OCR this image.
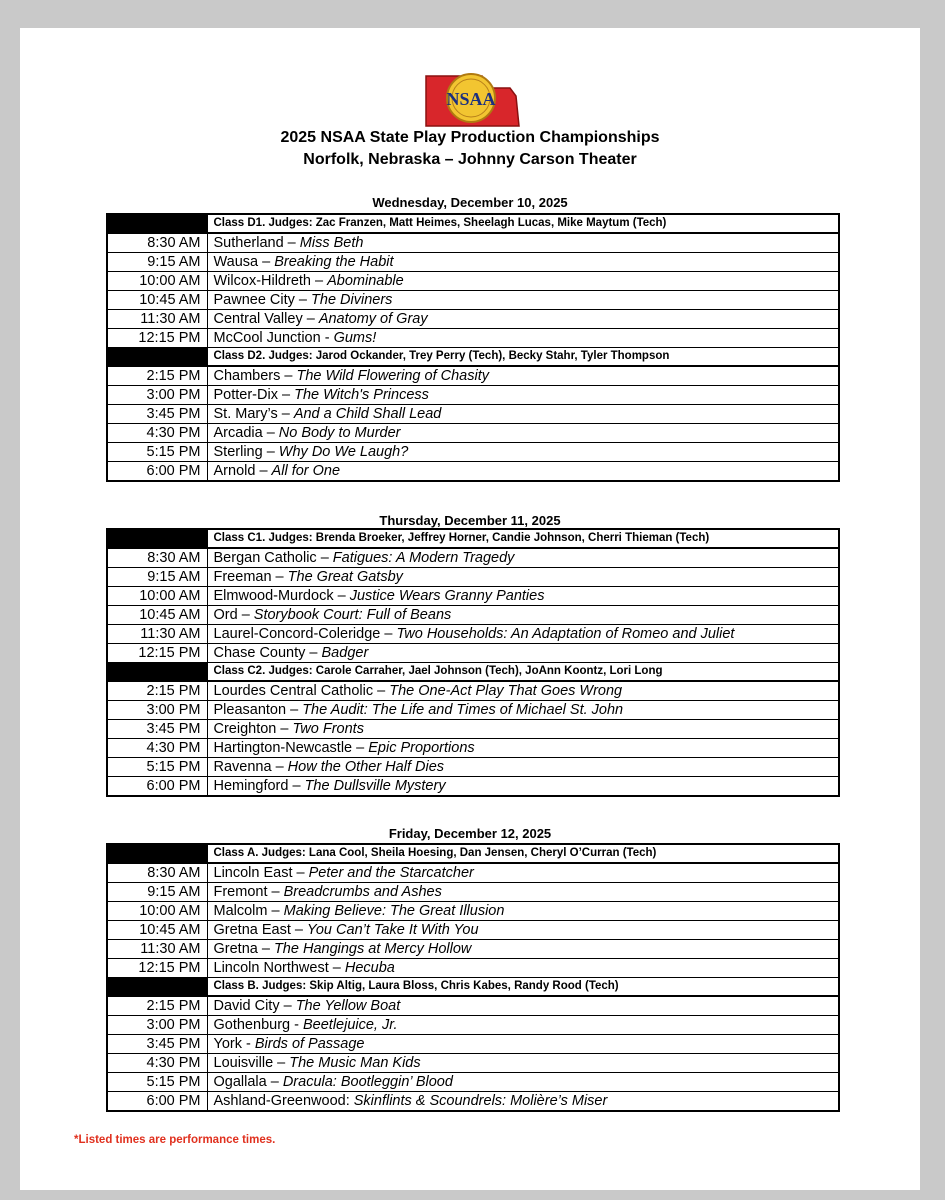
NSAA
2025 NSAA State Play Production Championships
Norfolk, Nebraska – Johnny Carson Theater
Wednesday, December 10, 2025
	Class D1. Judges: Zac Franzen, Matt Heimes, Sheelagh Lucas, Mike Maytum (Tech)
8:30 AM	Sutherland – Miss Beth
9:15 AM	Wausa – Breaking the Habit
10:00 AM	Wilcox-Hildreth – Abominable
10:45 AM	Pawnee City – The Diviners
11:30 AM	Central Valley – Anatomy of Gray
12:15 PM	McCool Junction - Gums!
	Class D2. Judges: Jarod Ockander, Trey Perry (Tech), Becky Stahr, Tyler Thompson
2:15 PM	Chambers – The Wild Flowering of Chasity
3:00 PM	Potter-Dix – The Witch's Princess
3:45 PM	St. Mary’s – And a Child Shall Lead
4:30 PM	Arcadia – No Body to Murder
5:15 PM	Sterling – Why Do We Laugh?
6:00 PM	Arnold – All for One
Thursday, December 11, 2025
	Class C1. Judges: Brenda Broeker, Jeffrey Horner, Candie Johnson, Cherri Thieman (Tech)
8:30 AM	Bergan Catholic – Fatigues: A Modern Tragedy
9:15 AM	Freeman – The Great Gatsby
10:00 AM	Elmwood-Murdock – Justice Wears Granny Panties
10:45 AM	Ord – Storybook Court: Full of Beans
11:30 AM	Laurel-Concord-Coleridge – Two Households: An Adaptation of Romeo and Juliet
12:15 PM	Chase County – Badger
	Class C2. Judges: Carole Carraher, Jael Johnson (Tech), JoAnn Koontz, Lori Long
2:15 PM	Lourdes Central Catholic – The One-Act Play That Goes Wrong
3:00 PM	Pleasanton – The Audit: The Life and Times of Michael St. John
3:45 PM	Creighton – Two Fronts
4:30 PM	Hartington-Newcastle – Epic Proportions
5:15 PM	Ravenna – How the Other Half Dies
6:00 PM	Hemingford – The Dullsville Mystery
Friday, December 12, 2025
	Class A. Judges: Lana Cool, Sheila Hoesing, Dan Jensen, Cheryl O’Curran (Tech)
8:30 AM	Lincoln East – Peter and the Starcatcher
9:15 AM	Fremont – Breadcrumbs and Ashes
10:00 AM	Malcolm – Making Believe: The Great Illusion
10:45 AM	Gretna East – You Can’t Take It With You
11:30 AM	Gretna – The Hangings at Mercy Hollow
12:15 PM	Lincoln Northwest – Hecuba
	Class B. Judges: Skip Altig, Laura Bloss, Chris Kabes, Randy Rood (Tech)
2:15 PM	David City – The Yellow Boat
3:00 PM	Gothenburg - Beetlejuice, Jr.
3:45 PM	York - Birds of Passage
4:30 PM	Louisville – The Music Man Kids
5:15 PM	Ogallala – Dracula: Bootleggin’ Blood
6:00 PM	Ashland-Greenwood: Skinflints & Scoundrels: Molière’s Miser
*Listed times are performance times.
